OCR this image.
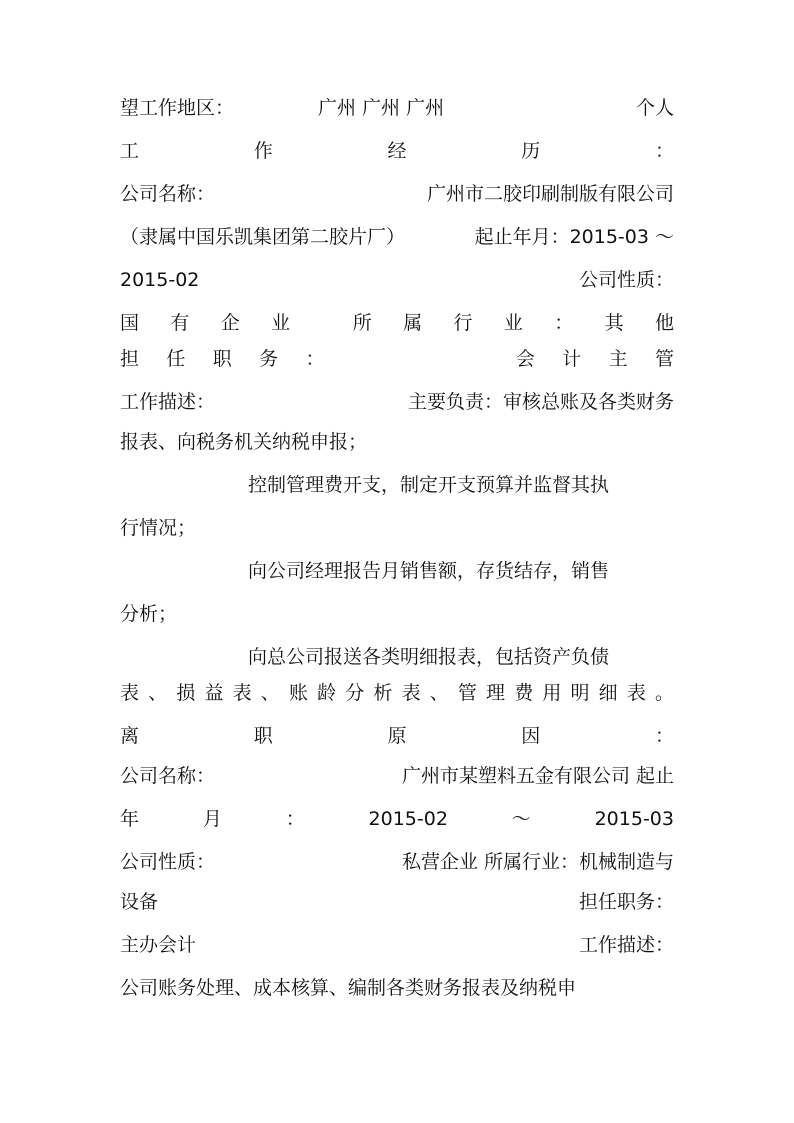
望工作地区：	广州 广州 广州	个人
工	作	经	历	：
公司名称：	广州市二胶印刷制版有限公司
（隶属中国乐凯集团第二胶片厂）	起止年月：2015-03 ～
2015-02	公司性质：
国 有 企 业	所 属 行 业 ： 其 他
担 任 职 务 ：	会 计 主 管
工作描述：	主要负责：审核总账及各类财务
报表、向税务机关纳税申报；
控制管理费开支，制定开支预算并监督其执
行情况；
向公司经理报告月销售额，存货结存，销售
分析；
向总公司报送各类明细报表，包括资产负债
表 、 损 益 表 、 账 龄 分 析 表 、 管 理 费 用 明 细 表 。
离	职	原	因	：
公司名称：	广州市某塑料五金有限公司 起止
年	月	：	2015-02	～	2015-03
公司性质：	私营企业 所属行业：机械制造与
设备	担任职务：
主办会计	工作描述：
公司账务处理、成本核算、编制各类财务报表及纳税申
